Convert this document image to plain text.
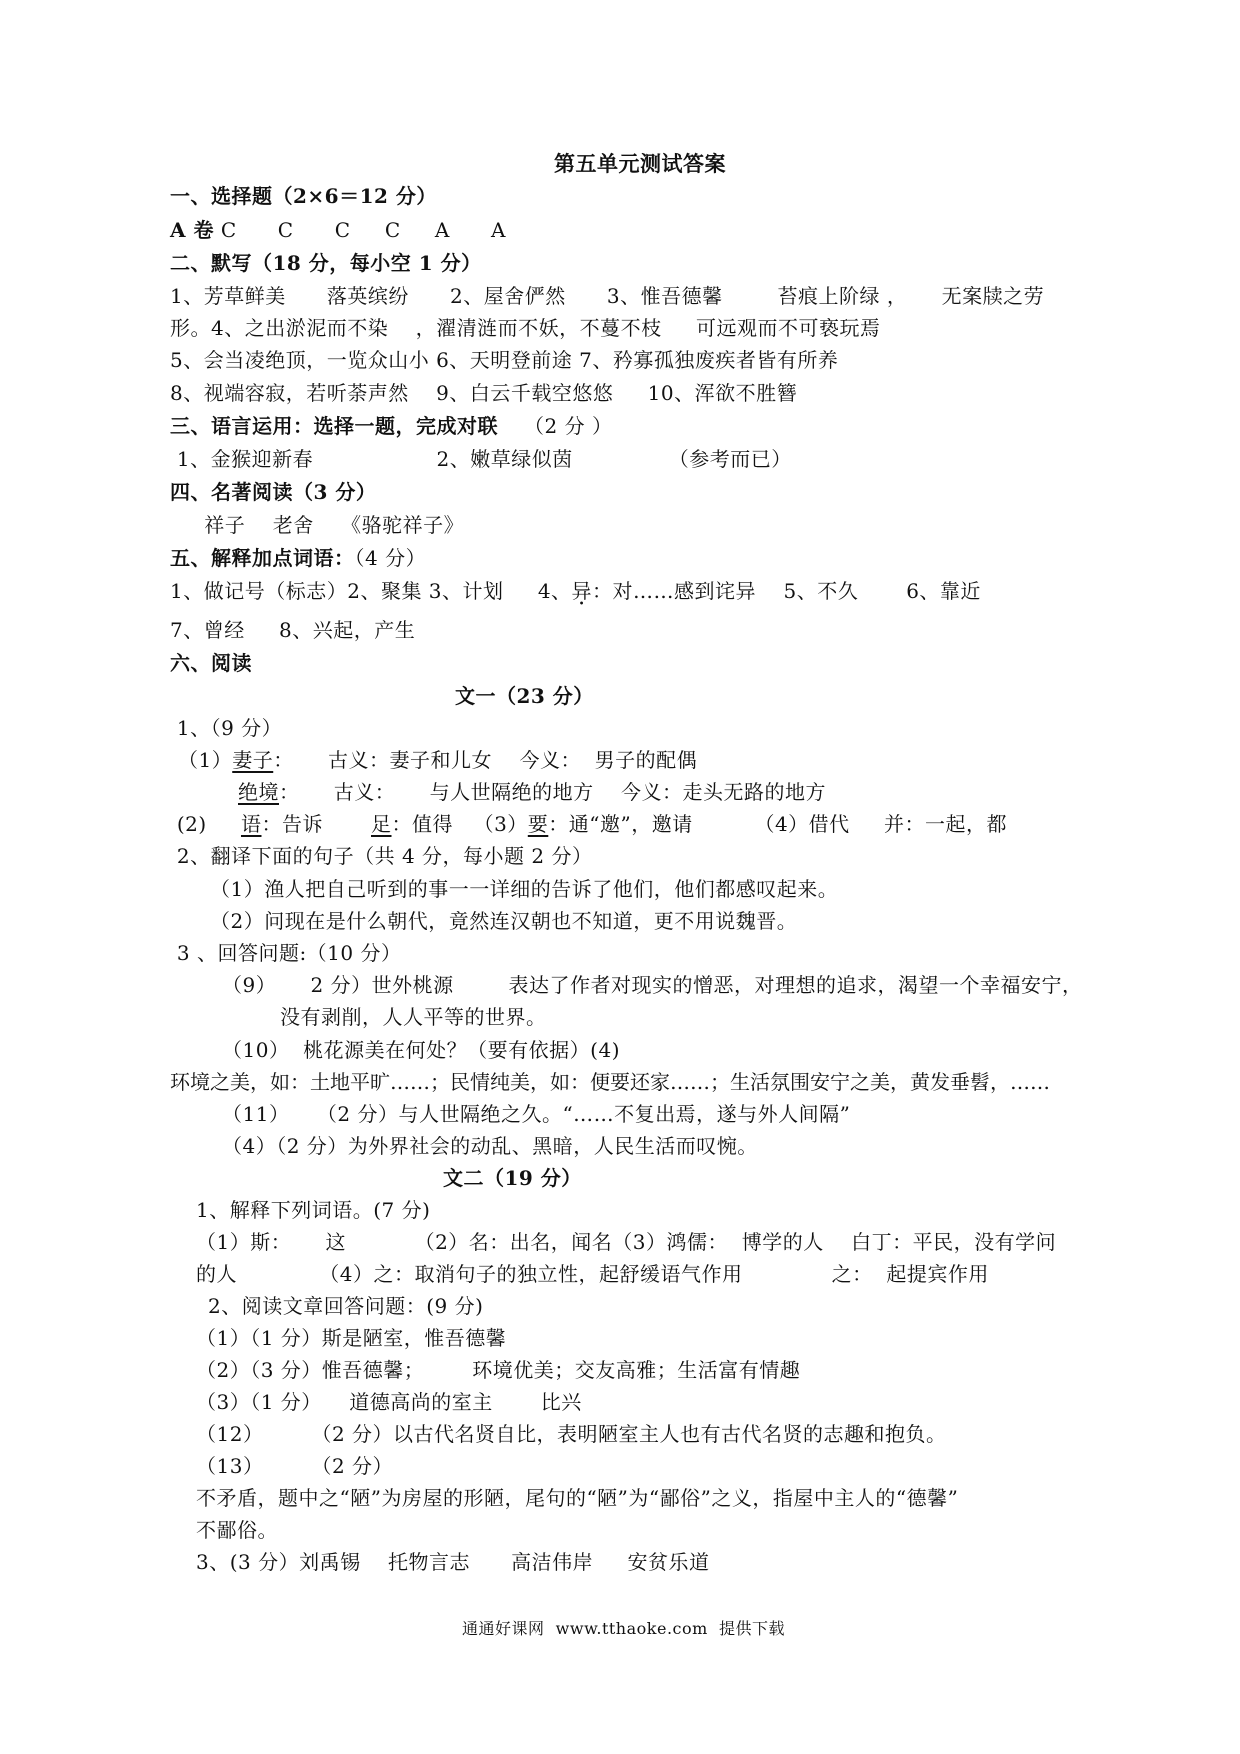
第五单元测试答案
一、选择题（2×6＝12 分）
A 卷 C      C      C     C     A      A
二、默写（18 分，每小空 1 分）
1、芳草鲜美      落英缤纷      2、屋舍俨然      3、惟吾德馨        苔痕上阶绿 ，     无案牍之劳
形。4、之出淤泥而不染    ，濯清涟而不妖，不蔓不枝     可远观而不可亵玩焉
5、会当凌绝顶，一览众山小 6、天明登前途 7、矜寡孤独废疾者皆有所养
8、视端容寂，若听荼声然    9、白云千载空悠悠     10、浑欲不胜簪
三、语言运用：选择一题，完成对联 （2 分 ）
1、金猴迎新春                  2、嫩草绿似茵              （参考而已）
四、名著阅读（3 分）
祥子    老舍    《骆驼祥子》
五、解释加点词语：（4 分）
1、做记号（标志）2、聚集 3、计划     4、异：对……感到诧异    5、不久       6、靠近
7、曾经     8、兴起，产生
六、阅读
文一（23 分）
1、（9 分）
（1）妻子：     古义：妻子和儿女    今义：  男子的配偶
绝境：     古义：     与人世隔绝的地方    今义：走头无路的地方
(2)     语：告诉       足：值得   （3）要：通“邀”，邀请         （4）借代     并：一起，都
2、翻译下面的句子（共 4 分，每小题 2 分）
（1）渔人把自己听到的事一一详细的告诉了他们，他们都感叹起来。
（2）问现在是什么朝代，竟然连汉朝也不知道，更不用说魏晋。
3 、回答问题:（10 分）
（9）     2 分）世外桃源        表达了作者对现实的憎恶，对理想的追求，渴望一个幸福安宁，
没有剥削，人人平等的世界。
（10）  桃花源美在何处？（要有依据）(4)
环境之美，如：土地平旷……；民情纯美，如：便要还家……；生活氛围安宁之美，黄发垂髫，……
（11）    （2 分）与人世隔绝之久。“……不复出焉，遂与外人间隔”
（4）（2 分）为外界社会的动乱、黑暗，人民生活而叹惋。
文二（19 分）
1、解释下列词语。(7 分)
（1）斯：     这          （2）名：出名，闻名（3）鸿儒：  博学的人    白丁：平民，没有学问
的人            （4）之：取消句子的独立性，起舒缓语气作用             之：  起提宾作用
2、阅读文章回答问题：(9 分)
（1）（1 分）斯是陋室，惟吾德馨
（2）（3 分）惟吾德馨；       环境优美；交友高雅；生活富有情趣
（3）（1 分）    道德高尚的室主       比兴
（12）       （2 分）以古代名贤自比，表明陋室主人也有古代名贤的志趣和抱负。
（13）       （2 分）
不矛盾，题中之“陋”为房屋的形陋，尾句的“陋”为“鄙俗”之义，指屋中主人的“德馨”
不鄙俗。
3、(3 分）刘禹锡    托物言志      高洁伟岸     安贫乐道
通通好课网  www.tthaoke.com  提供下载
